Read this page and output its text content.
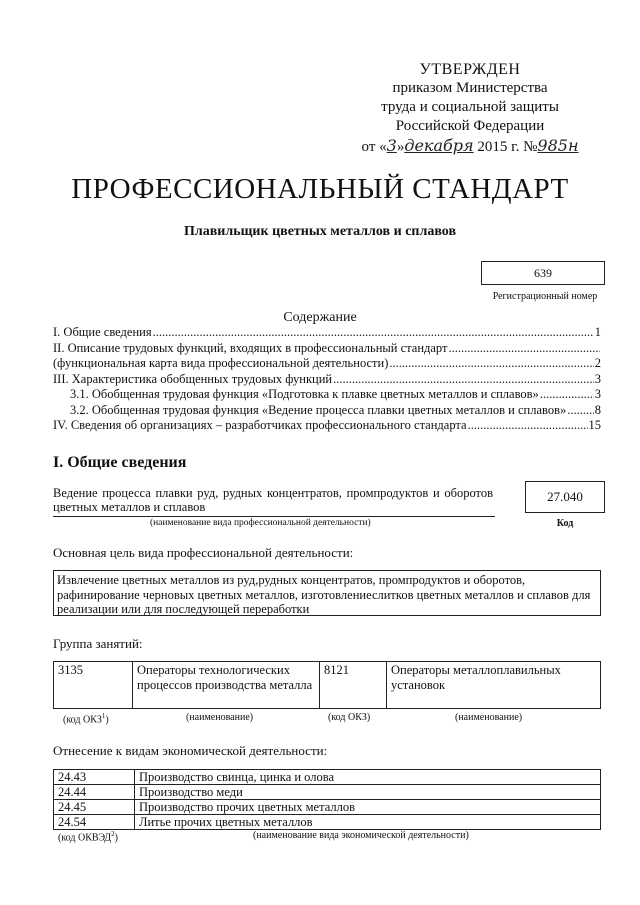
УТВЕРЖДЕН
приказом Министерства
труда и социальной защиты
Российской Федерации
от «3»декабря 2015 г. №985н
ПРОФЕССИОНАЛЬНЫЙ СТАНДАРТ
Плавильщик цветных металлов и сплавов
639
Регистрационный номер
Содержание
I. Общие сведения .....	1
II. Описание трудовых функций, входящих в профессиональный стандарт
.....
(функциональная карта вида профессиональной деятельности) .....	2
III. Характеристика обобщенных трудовых функций .....	3
3.1. Обобщенная трудовая функция «Подготовка к плавке цветных металлов и сплавов» .....	3
3.2. Обобщенная трудовая функция «Ведение процесса плавки цветных металлов и сплавов» ..... 8
IV. Сведения об организациях – разработчиках профессионального стандарта .....	15
I. Общие сведения
Ведение процесса плавки руд, рудных концентратов, промпродуктов и оборотов цветных металлов и сплавов
(наименование вида профессиональной деятельности)
27.040
Код
Основная цель вида профессиональной деятельности:
Извлечение цветных металлов из руд,рудных концентратов, промпродуктов и оборотов, рафинирование черновых цветных металлов, изготовлениеслитков цветных металлов и сплавов для реализации или для последующей переработки
Группа занятий:
3135	Операторы технологических процессов производства металла	8121	Операторы металлоплавильных установок
(код ОКЗ$^1$)	(наименование)	(код ОКЗ)	(наименование)
Отнесение к видам экономической деятельности:
24.43	Производство свинца, цинка и олова
24.44	Производство меди
24.45	Производство прочих цветных металлов
24.54	Литье прочих цветных металлов
(код ОКВЭД$^2$)	(наименование вида экономической деятельности)
